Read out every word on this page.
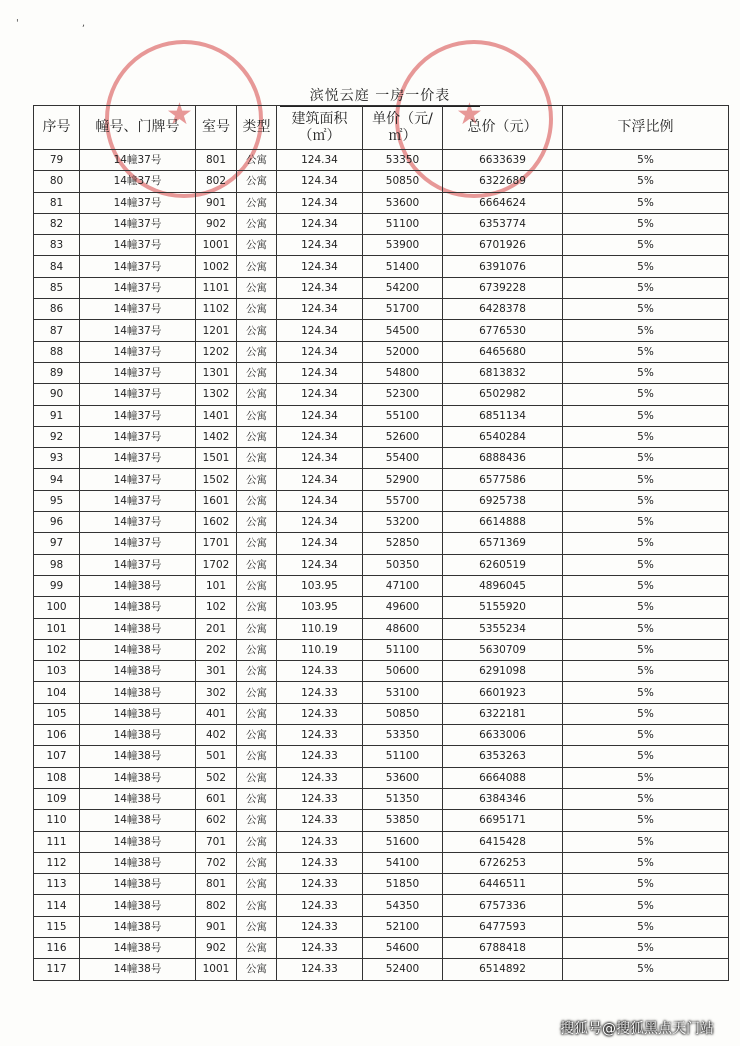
' ,
★	★
滨悦云庭 一房一价表
序号	幢号、门牌号	室号	类型	建筑面积（㎡）	单价（元/㎡）	总价（元）	下浮比例
79	14幢37号	801	公寓	124.34	53350	6633639	5%
80	14幢37号	802	公寓	124.34	50850	6322689	5%
81	14幢37号	901	公寓	124.34	53600	6664624	5%
82	14幢37号	902	公寓	124.34	51100	6353774	5%
83	14幢37号	1001	公寓	124.34	53900	6701926	5%
84	14幢37号	1002	公寓	124.34	51400	6391076	5%
85	14幢37号	1101	公寓	124.34	54200	6739228	5%
86	14幢37号	1102	公寓	124.34	51700	6428378	5%
87	14幢37号	1201	公寓	124.34	54500	6776530	5%
88	14幢37号	1202	公寓	124.34	52000	6465680	5%
89	14幢37号	1301	公寓	124.34	54800	6813832	5%
90	14幢37号	1302	公寓	124.34	52300	6502982	5%
91	14幢37号	1401	公寓	124.34	55100	6851134	5%
92	14幢37号	1402	公寓	124.34	52600	6540284	5%
93	14幢37号	1501	公寓	124.34	55400	6888436	5%
94	14幢37号	1502	公寓	124.34	52900	6577586	5%
95	14幢37号	1601	公寓	124.34	55700	6925738	5%
96	14幢37号	1602	公寓	124.34	53200	6614888	5%
97	14幢37号	1701	公寓	124.34	52850	6571369	5%
98	14幢37号	1702	公寓	124.34	50350	6260519	5%
99	14幢38号	101	公寓	103.95	47100	4896045	5%
100	14幢38号	102	公寓	103.95	49600	5155920	5%
101	14幢38号	201	公寓	110.19	48600	5355234	5%
102	14幢38号	202	公寓	110.19	51100	5630709	5%
103	14幢38号	301	公寓	124.33	50600	6291098	5%
104	14幢38号	302	公寓	124.33	53100	6601923	5%
105	14幢38号	401	公寓	124.33	50850	6322181	5%
106	14幢38号	402	公寓	124.33	53350	6633006	5%
107	14幢38号	501	公寓	124.33	51100	6353263	5%
108	14幢38号	502	公寓	124.33	53600	6664088	5%
109	14幢38号	601	公寓	124.33	51350	6384346	5%
110	14幢38号	602	公寓	124.33	53850	6695171	5%
111	14幢38号	701	公寓	124.33	51600	6415428	5%
112	14幢38号	702	公寓	124.33	54100	6726253	5%
113	14幢38号	801	公寓	124.33	51850	6446511	5%
114	14幢38号	802	公寓	124.33	54350	6757336	5%
115	14幢38号	901	公寓	124.33	52100	6477593	5%
116	14幢38号	902	公寓	124.33	54600	6788418	5%
117	14幢38号	1001	公寓	124.33	52400	6514892	5%
搜狐号@搜狐黑点天门站
